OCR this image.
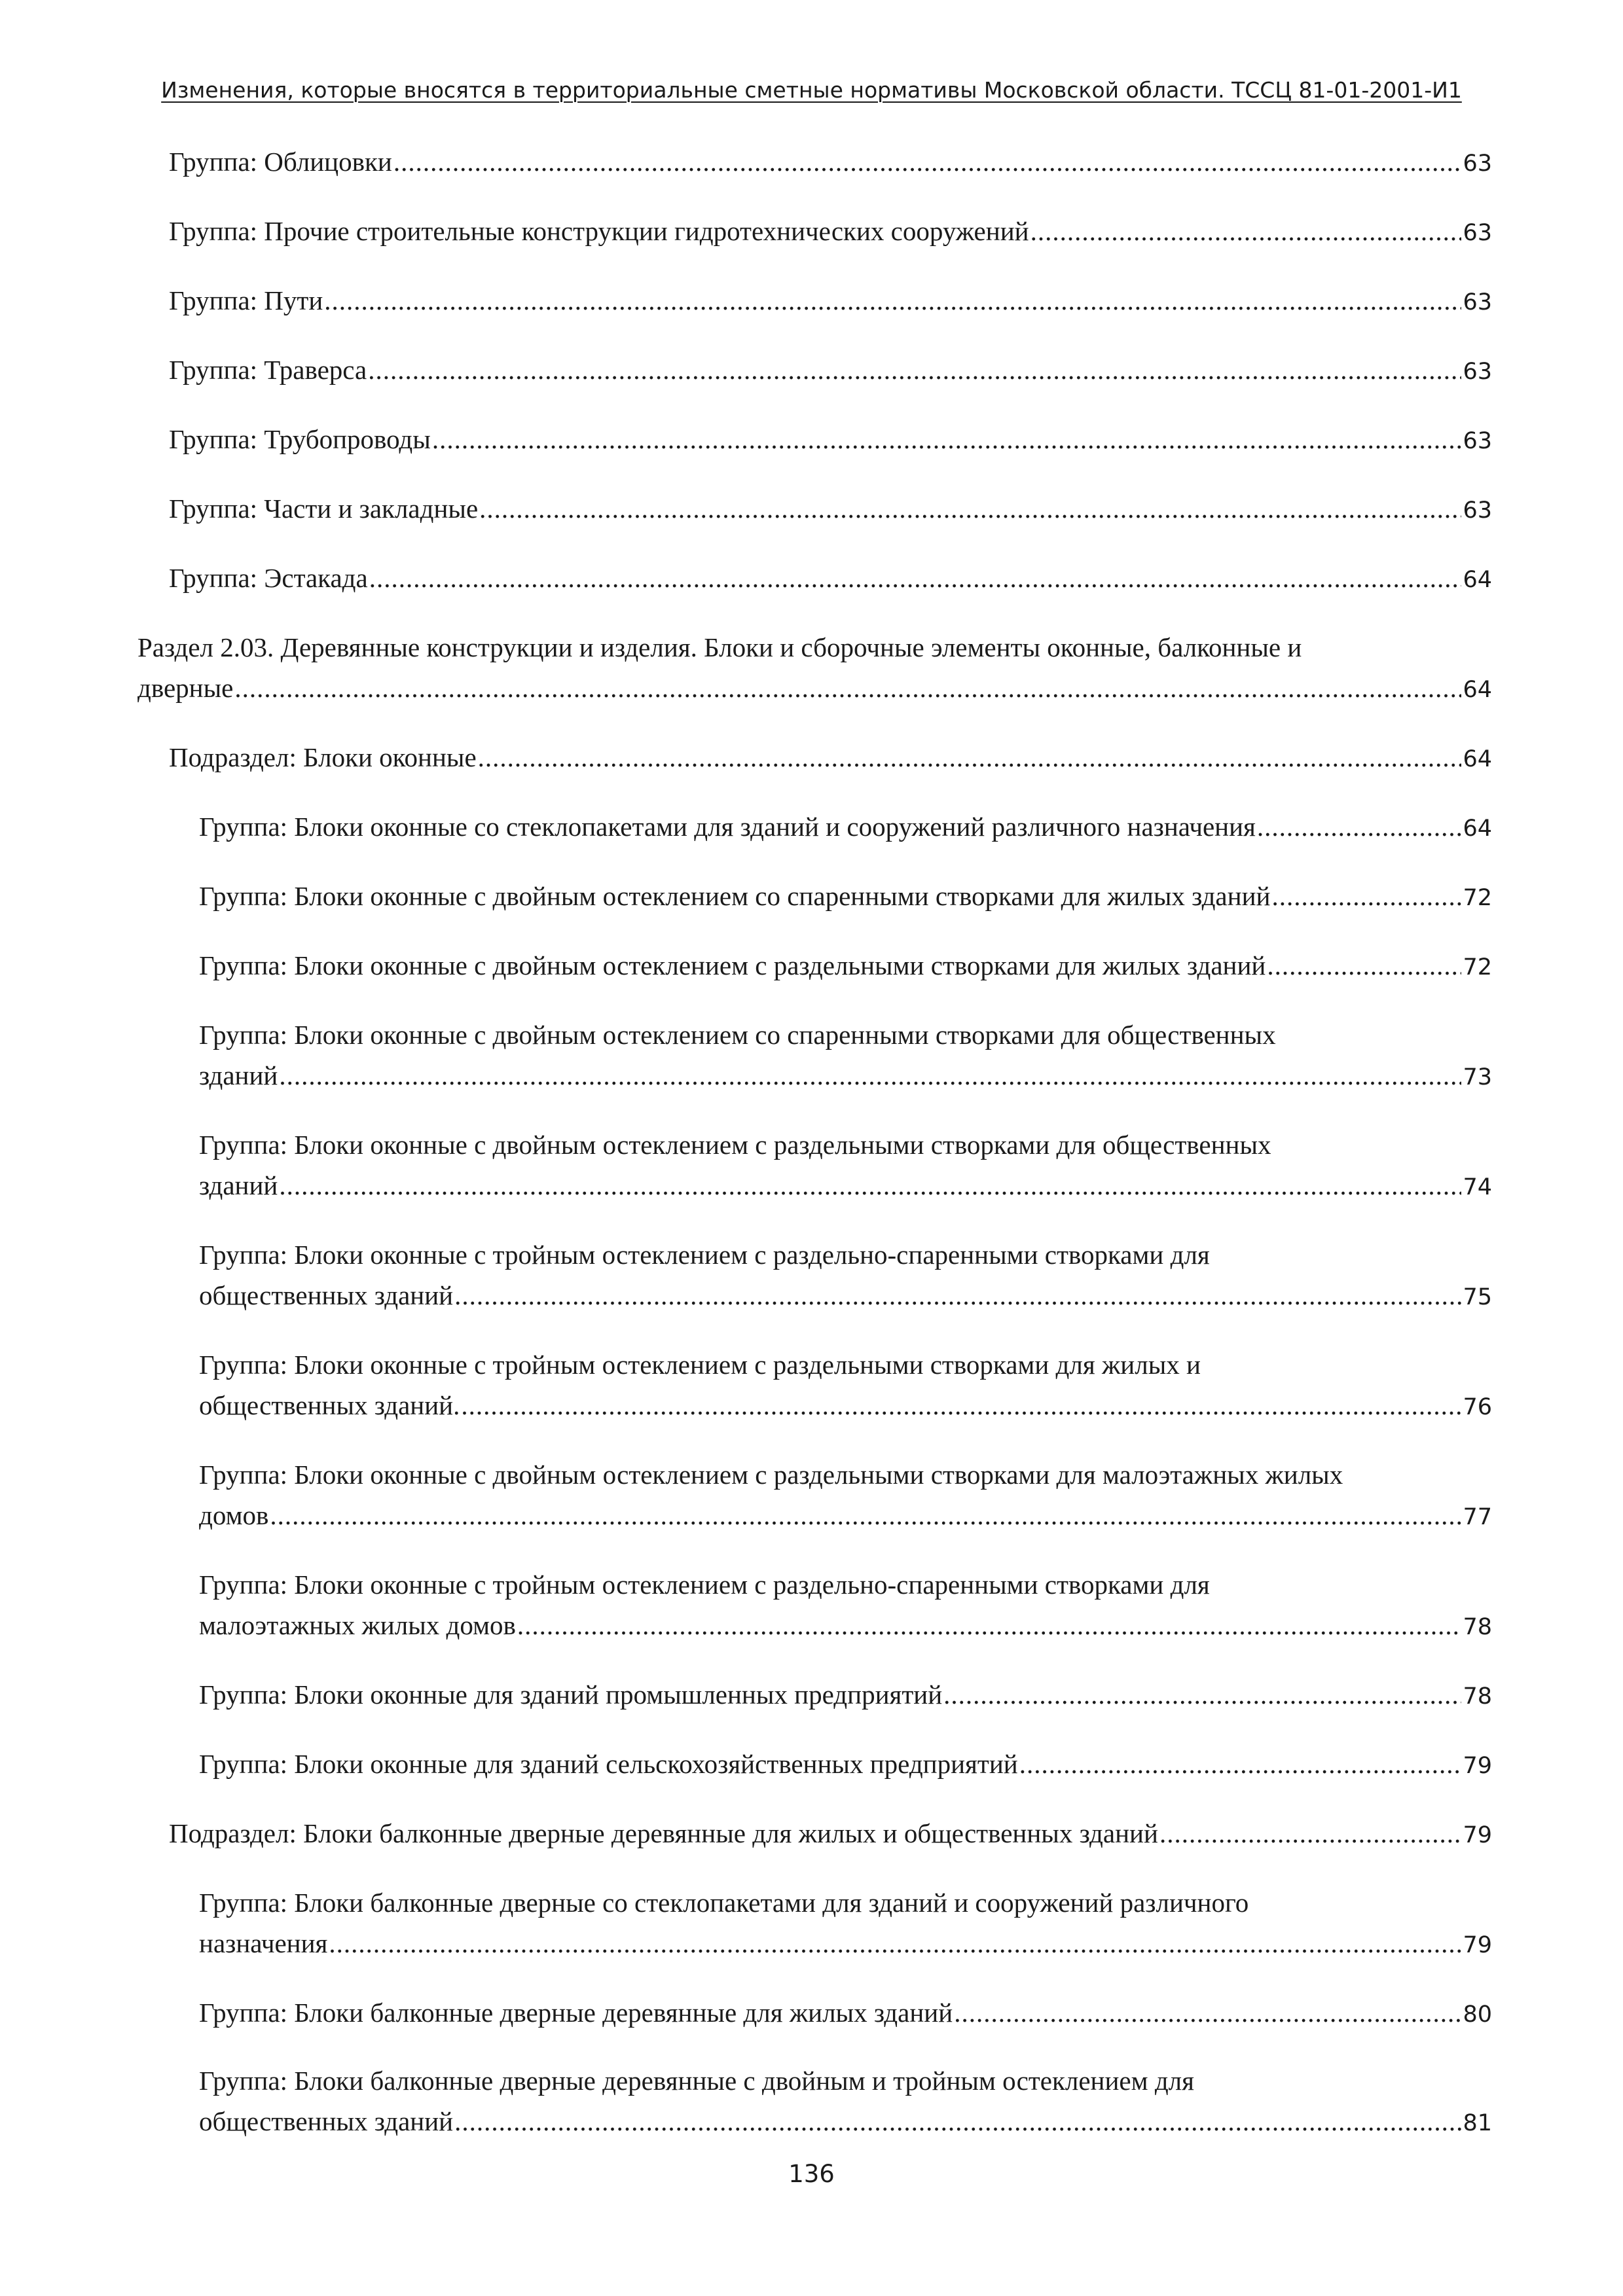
Изменения, которые вносятся в территориальные сметные нормативы Московской области. ТССЦ 81-01-2001-И1
Группа: Облицовки .....	63
Группа: Прочие строительные конструкции гидротехнических сооружений .....	63
Группа: Пути .....	63
Группа: Траверса .....	63
Группа: Трубопроводы .....	63
Группа: Части и закладные .....	63
Группа: Эстакада .....	64
Раздел 2.03. Деревянные конструкции и изделия. Блоки и сборочные элементы оконные, балконные и
дверные .....	64
Подраздел: Блоки оконные .....	64
Группа: Блоки оконные со стеклопакетами для зданий и сооружений различного назначения .....	64
Группа: Блоки оконные с двойным остеклением со спаренными створками для жилых зданий .....	72
Группа: Блоки оконные с двойным остеклением с раздельными створками для жилых зданий .....	72
Группа: Блоки оконные с двойным остеклением со спаренными створками для общественных
зданий .....	73
Группа: Блоки оконные с двойным остеклением с раздельными створками для общественных
зданий .....	74
Группа: Блоки оконные с тройным остеклением с раздельно-спаренными створками для
общественных зданий .....	75
Группа: Блоки оконные с тройным остеклением с раздельными створками для жилых и
общественных зданий. .....	76
Группа: Блоки оконные с двойным остеклением с раздельными створками для малоэтажных жилых
домов .....	77
Группа: Блоки оконные с тройным остеклением с раздельно-спаренными створками для
малоэтажных жилых домов .....	78
Группа: Блоки оконные для зданий промышленных предприятий .....	78
Группа: Блоки оконные для зданий сельскохозяйственных предприятий .....	79
Подраздел: Блоки балконные дверные деревянные для жилых и общественных зданий .....	79
Группа: Блоки балконные дверные со стеклопакетами для зданий и сооружений различного
назначения .....	79
Группа: Блоки балконные дверные деревянные для жилых зданий .....	80
Группа: Блоки балконные дверные деревянные с двойным и тройным остеклением для
общественных зданий .....	81
136
